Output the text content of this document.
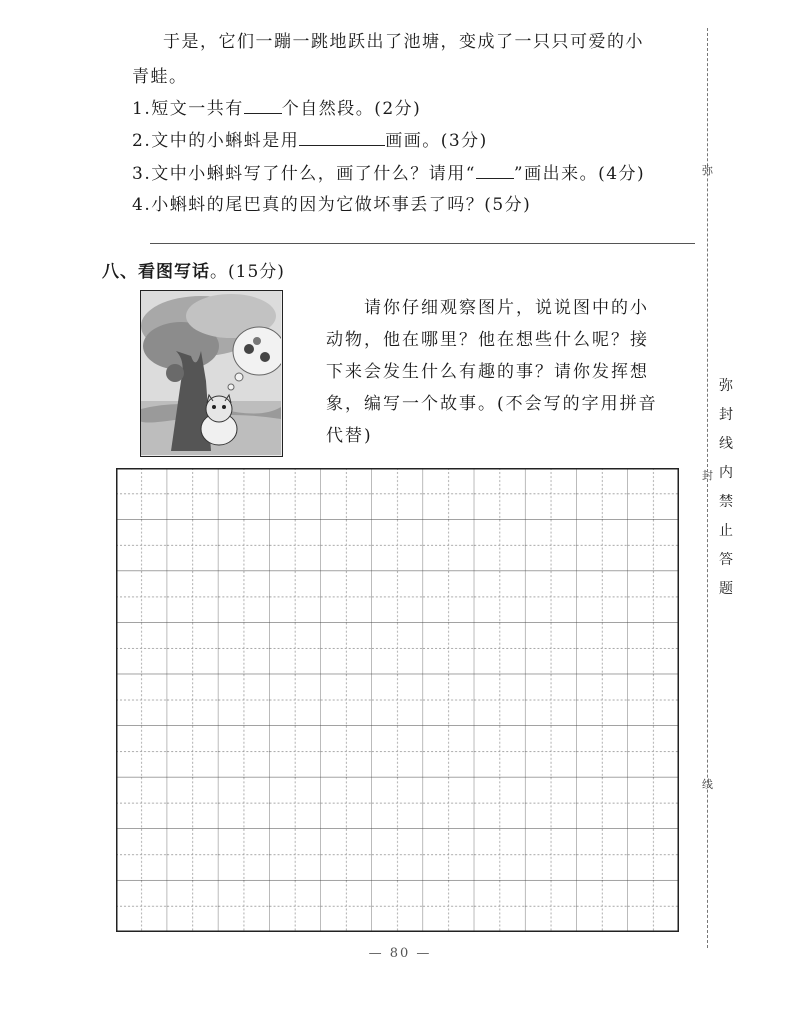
于是，它们一蹦一跳地跃出了池塘，变成了一只只可爱的小
青蛙。
1.短文一共有 个自然段。(2分)
2.文中的小蝌蚪是用	画画。(3分)
3.文中小蝌蚪写了什么，画了什么？请用“ ”画出来。(4分)
4.小蝌蚪的尾巴真的因为它做坏事丢了吗？(5分)
八、看图写话。(15分)
　　请你仔细观察图片，说说图中的小动物，他在哪里？他在想些什么呢？接下来会发生什么有趣的事？请你发挥想象，编写一个故事。(不会写的字用拼音代替)
弥
弥封线内禁止答题
封
线
— 80 —
